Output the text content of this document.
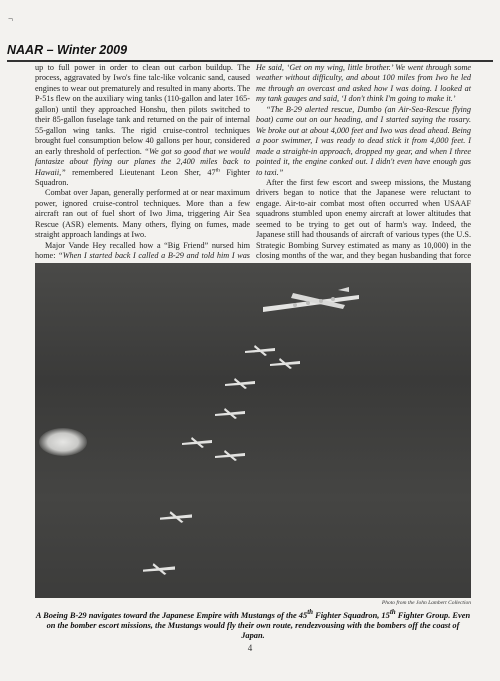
¬
NAAR – Winter 2009

up to full power in order to clean out carbon buildup. The process, aggravated by Iwo's fine talc-like volcanic sand, caused engines to wear out prematurely and resulted in many aborts. The P-51s flew on the auxiliary wing tanks (110-gallon and later 165-gallon) until they approached Honshu, then pilots switched to their 85-gallon fuselage tank and returned on the pair of internal 55-gallon wing tanks. The rigid cruise-control techniques brought fuel consumption below 40 gallons per hour, considered an early threshold of perfection. “We got so good that we would fantasize about flying our planes the 2,400 miles back to Hawaii,” remembered Lieutenant Leon Sher, 47th Fighter Squadron.

Combat over Japan, generally performed at or near maximum power, ignored cruise-control techniques. More than a few aircraft ran out of fuel short of Iwo Jima, triggering Air Sea Rescue (ASR) elements. Many others, flying on fumes, made straight approach landings at Iwo.

Major Vande Hey recalled how a “Big Friend” nursed him home: “When I started back I called a B-29 and told him I was

He said, ‘Get on my wing, little brother.’ We went through some weather without difficulty, and about 100 miles from Iwo he led me through an overcast and asked how I was doing. I looked at my tank gauges and said, ‘I don't think I'm going to make it.’

“The B-29 alerted rescue, Dumbo (an Air-Sea-Rescue flying boat) came out on our heading, and I started saying the rosary. We broke out at about 4,000 feet and Iwo was dead ahead. Being a poor swimmer, I was ready to dead stick it from 4,000 feet. I made a straight-in approach, dropped my gear, and when I three pointed it, the engine conked out. I didn't even have enough gas to taxi.”

After the first few escort and sweep missions, the Mustang drivers began to notice that the Japanese were reluctant to engage. Air-to-air combat most often occurred when USAAF squadrons stumbled upon enemy aircraft at lower altitudes that seemed to be trying to get out of harm's way. Indeed, the Japanese still had thousands of aircraft of various types (the U.S. Strategic Bombing Survey estimated as many as 10,000) in the closing months of the war, and they began husbanding that force

Photo from the John Lambert Collection
A Boeing B-29 navigates toward the Japanese Empire with Mustangs of the 45th Fighter Squadron, 15th Fighter Group. Even on the bomber escort missions, the Mustangs would fly their own route, rendezvousing with the bombers off the coast of Japan.
4
